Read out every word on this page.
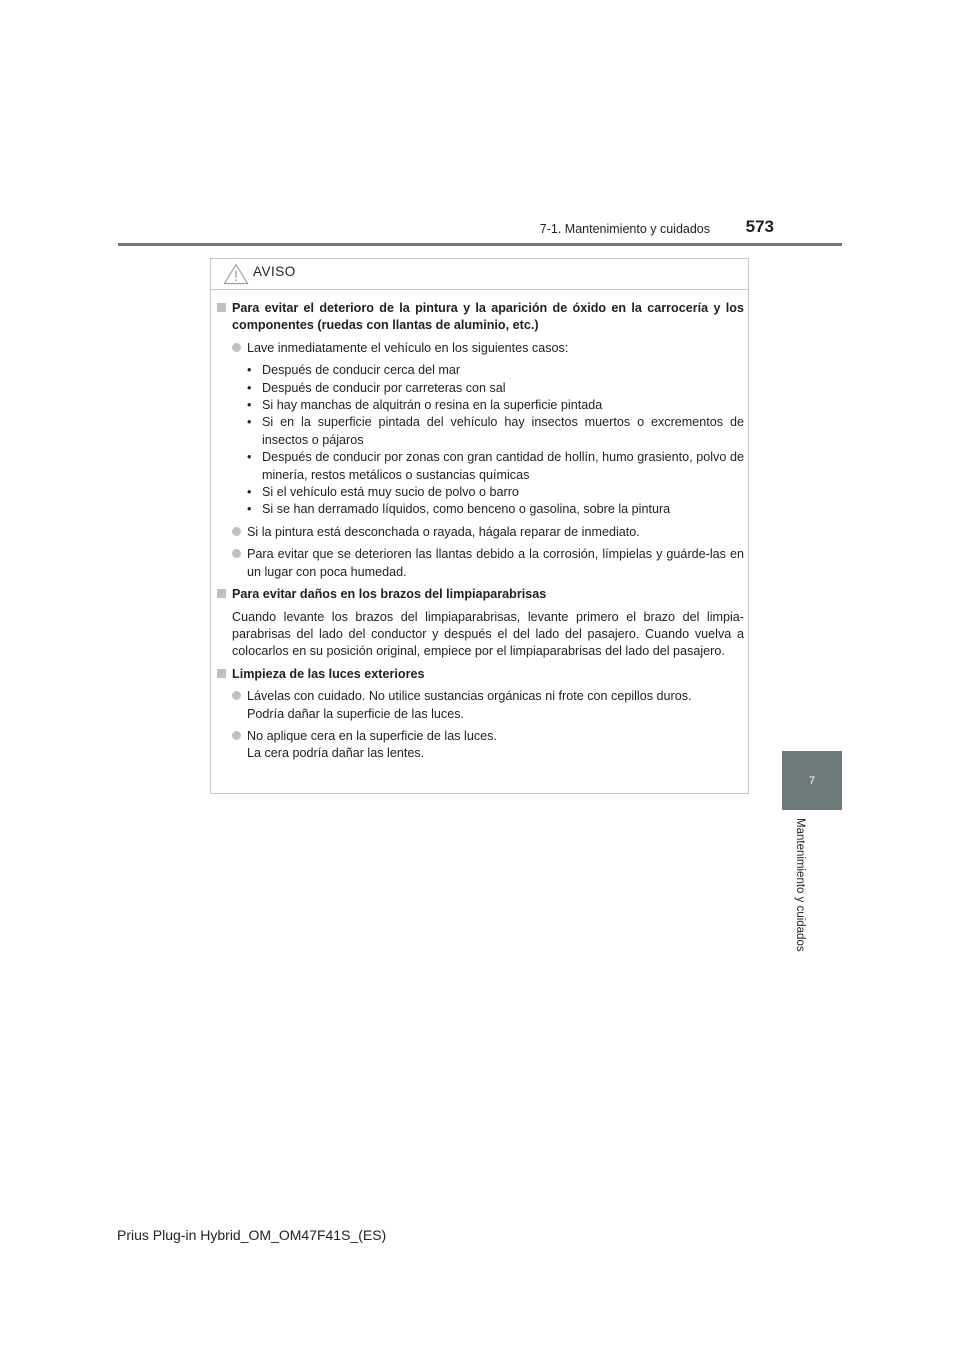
7-1. Mantenimiento y cuidados	573
7
Mantenimiento y cuidados
AVISO
Para evitar el deterioro de la pintura y la aparición de óxido en la carrocería y los componentes (ruedas con llantas de aluminio, etc.)
Lave inmediatamente el vehículo en los siguientes casos:
• Después de conducir cerca del mar
• Después de conducir por carreteras con sal
• Si hay manchas de alquitrán o resina en la superficie pintada
• Si en la superficie pintada del vehículo hay insectos muertos o excrementos de insectos o pájaros
• Después de conducir por zonas con gran cantidad de hollín, humo grasiento, polvo de minería, restos metálicos o sustancias químicas
• Si el vehículo está muy sucio de polvo o barro
• Si se han derramado líquidos, como benceno o gasolina, sobre la pintura
Si la pintura está desconchada o rayada, hágala reparar de inmediato.
Para evitar que se deterioren las llantas debido a la corrosión, límpielas y guárde-las en un lugar con poca humedad.
Para evitar daños en los brazos del limpiaparabrisas
Cuando levante los brazos del limpiaparabrisas, levante primero el brazo del limpia-parabrisas del lado del conductor y después el del lado del pasajero. Cuando vuelva a colocarlos en su posición original, empiece por el limpiaparabrisas del lado del pasajero.
Limpieza de las luces exteriores
Lávelas con cuidado. No utilice sustancias orgánicas ni frote con cepillos duros.
Podría dañar la superficie de las luces.
No aplique cera en la superficie de las luces.
La cera podría dañar las lentes.
Prius Plug-in Hybrid_OM_OM47F41S_(ES)
